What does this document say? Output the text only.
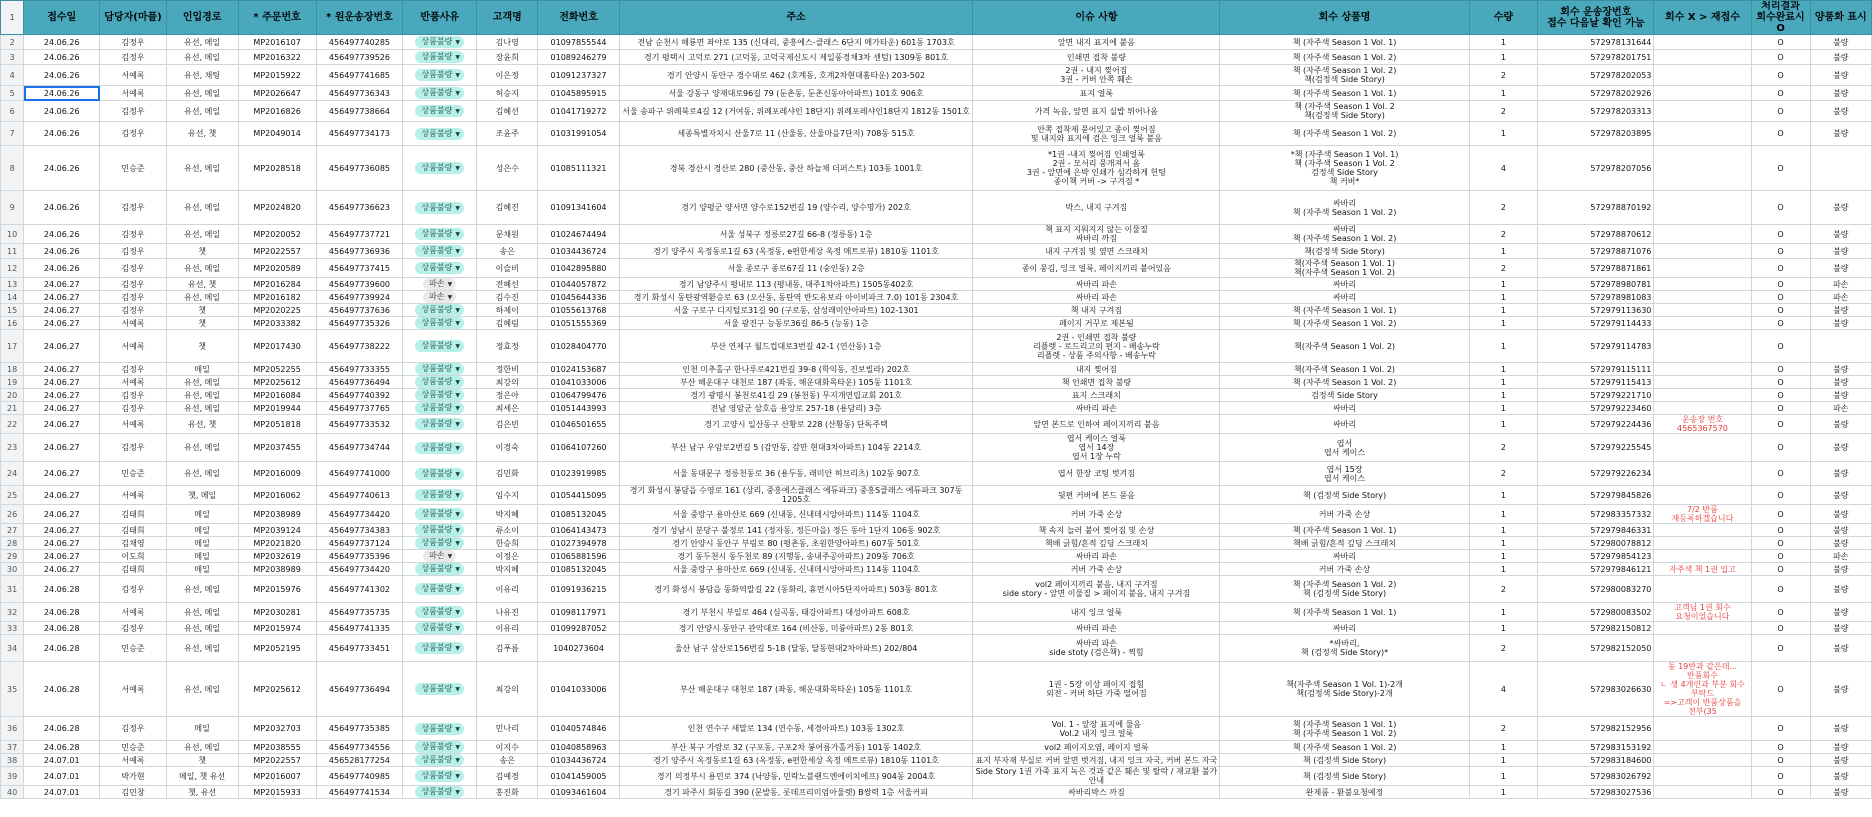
1	접수일	담당자(마플)	인입경로	* 주문번호	* 원운송장번호	반품사유	고객명	전화번호	주소	이슈 사항	회수 상품명	수량	회수 운송장번호
접수 다음날 확인 가능	회수 X > 재접수	처리결과
회수완료시 O	양품화 표시
2	24.06.26	김정우	유선, 메일	MP2016107	456497740285	상품불량 ▼	김나영	01097855544	전남 순천시 해룡면 좌야로 135 (신대리, 중흥에스-클래스 6단지 메가타운) 601동 1703호	앞면 내지 표지에 붙음	책 (자주색 Season 1 Vol. 1)	1	572978131644		O	불량
3	24.06.26	김정우	유선, 메일	MP2016322	456497739526	상품불량 ▼	장윤희	01089246279	경기 평택시 고덕로 271 (고덕동, 고덕국제신도시 제일풍경채3차 센텀) 1309동 801호	인쇄면 접착 불량	책 (자주색 Season 1 Vol. 2)	1	572978201751		O	불량
4	24.06.26	서예록	유선, 채팅	MP2015922	456497741685	상품불량 ▼	이은정	01091237327	경기 안양시 동안구 경수대로 462 (호계동, 호계2차현대홈타운) 203-502	2권 - 내지 찢어짐
3권 - 커버 안쪽 훼손	책 (자주색 Season 1 Vol. 2)
책(검정색 Side Story)	2	572978202053		O	불량
5	24.06.26	서예록	유선, 메일	MP2026647	456497736343	상품불량 ▼	허승지	01045895915	서울 강동구 양재대로96길 79 (둔촌동, 둔촌신동아아파트) 101호 906호	표지 얼룩	책 (자주색 Season 1 Vol. 1)	1	572978202926		O	불량
6	24.06.26	김정우	유선, 메일	MP2016826	456497738664	상품불량 ▼	김혜선	01041719272	서울 송파구 위례북로4길 12 (거여동, 위례포레샤인 18단지) 위례포레샤인18단지 1812동 1501호	가격 녹음, 앞면 표지 실밥 튀어나옴	책 (자주색 Season 1 Vol. 2
책(검정색 Side Story)	2	572978203313		O	불량
7	24.06.26	김정우	유선, 챗	MP2049014	456497734173	상품불량 ▼	조윤주	01031991054	세종특별자치시 산울7로 11 (산울동, 산울마을7단지) 708동 515호	안쪽 접착제 묻어있고 종이 찢어짐
및 내지와 표지에 검은 잉크 얼룩 붙음	책 (자주색 Season 1 Vol. 2)	1	572978203895		O	불량
8	24.06.26	민승준	유선, 메일	MP2028518	456497736085	상품불량 ▼	성은수	01085111321	경북 경산시 경산로 280 (중산동, 중산 하늘채 더퍼스트) 103동 1001호	*1권 -내지 찢어짐 인쇄얼룩
2권 - 모서리 뭉개져서 옴
3권 - 앞면에 은박 인쇄가 심각하게 헌팅
종이책 커버 -> 구겨짐 *	*책 (자주색 Season 1 Vol. 1)
책 (자주색 Season 1 Vol. 2
검정색 Side Story
책 커버*	4	572978207056		O	
9	24.06.26	김정우	유선, 메일	MP2024820	456497736623	상품불량 ▼	김혜진	01091341604	경기 양평군 양서면 양수로152번길 19 (양수리, 양수명가) 202호	박스, 내지 구겨짐	싸바리
책 (자주색 Season 1 Vol. 2)	2	572978870192		O	불량
10	24.06.26	김정우	유선, 메일	MP2020052	456497737721	상품불량 ▼	문채원	01024674494	서울 성북구 정릉로27길 66-8 (정릉동) 1층	책 표지 지워지지 않는 이물질
싸바리 까짐	싸바리
책 (자주색 Season 1 Vol. 2)	2	572978870612		O	불량
11	24.06.26	김정우	챗	MP2022557	456497736936	상품불량 ▼	송은	01034436724	경기 양주시 옥정동로1길 63 (옥정동, e편한세상 옥정 메트로뷰) 1810동 1101호	내지 구겨짐 및 옆면 스크래치	책(검정색 Side Story)	1	572978871076		O	불량
12	24.06.26	김정우	유선, 메일	MP2020589	456497737415	상품불량 ▼	이슬비	01042895880	서울 종로구 종로67길 11 (숭인동) 2층	종이 뭉김, 잉크 얼룩, 페이지끼리 붙어있음	책(자주색 Season 1 Vol. 1)
책(자주색 Season 1 Vol. 2)	2	572978871861		O	불량
13	24.06.27	김정우	유선, 챗	MP2016284	456497739600	파손 ▼	전혜선	01044057872	경기 남양주시 평내로 113 (평내동, 대주1차아파트) 1505동402호	싸바리 파손	싸바리	1	572978980781		O	파손
14	24.06.27	김정우	유선, 메일	MP2016182	456497739924	파손 ▼	김수진	01045644336	경기 화성시 동탄광역환승로 63 (오산동, 동탄역 반도유보라 아이비파크 7.0) 101동 2304호	싸바리 파손	싸바리	1	572978981083		O	파손
15	24.06.27	김정우	챗	MP2020225	456497737636	상품불량 ▼	하제이	01055613768	서울 구로구 디지털로31길 90 (구로동, 삼성래미안아파트) 102-1301	책 내지 구겨짐	책 (자주색 Season 1 Vol. 1)	1	572979113630		O	불량
16	24.06.27	서예록	챗	MP2033382	456497735326	상품불량 ▼	김혜림	01051555369	서울 광진구 능동로36길 86-5 (능동) 1층	페이지 거꾸로 제본됨	책 (자주색 Season 1 Vol. 2)	1	572979114433		O	불량
17	24.06.27	서예록	챗	MP2017430	456497738222	상품불량 ▼	정효정	01028404770	부산 연제구 월드컵대로3번길 42-1 (연산동) 1층	2권 - 인쇄면 접착 불량
리플렛 - 로드리고의 편지 - 배송누락
리플렛 - 상품 주의사항 - 배송누락	책(자주색 Season 1 Vol. 2)	1	572979114783		O	
18	24.06.27	김정우	메일	MP2052255	456497733355	상품불량 ▼	정한비	01024153687	인천 미추홀구 한나루로421번길 39-8 (학익동, 진보빌라) 202호	내지 찢어짐	책(자주색 Season 1 Vol. 2)	1	572979115111		O	불량
19	24.06.27	서예록	유선, 메일	MP2025612	456497736494	상품불량 ▼	최강의	01041033006	부산 해운대구 대천로 187 (좌동, 해운대화목타운) 105동 1101호	책 인쇄면 접착 불량	책 (자주색 Season 1 Vol. 2)	1	572979115413		O	불량
20	24.06.27	김정우	유선, 메일	MP2016084	456497740392	상품불량 ▼	정은아	01064799476	경기 광명시 봉천로41길 29 (봉천동) 무지개연립교회 201호	표지 스크래치	검정색 Side Story	1	572979221710		O	불량
21	24.06.27	김정우	유선, 메일	MP2019944	456497737765	상품불량 ▼	최세은	01051443993	전남 영암군 삼호읍 용앙로 257-18 (용담리) 3층	싸바리 파손	싸바리	1	572979223460		O	파손
22	24.06.27	서예록	유선, 챗	MP2051818	456497733532	상품불량 ▼	김은빈	01046501655	경기 고양시 일산동구 산황로 228 (산황동) 단독주택	앞면 본드로 인하여 페이지끼리 붙음	싸바리	1	572979224436	운송장 번호 4565367570	O	불량
23	24.06.27	김정우	유선, 메일	MP2037455	456497734744	상품불량 ▼	이경숙	01064107260	부산 남구 우암로2번길 5 (감만동, 감만 현대3차아파트) 104동 2214호	엽서 케이스 얼룩
엽서 14장
엽서 1장 누락	엽서
엽서 케이스	2	572979225545		O	불량
24	24.06.27	민승준	유선, 메일	MP2016009	456497741000	상품불량 ▼	김민화	01023919985	서울 동대문구 정릉천동로 36 (용두동, 래미안 허브리츠) 102동 907호	엽서 한장 코팅 벗겨짐	엽서 15장
엽서 케이스	2	572979226234		O	불량
25	24.06.27	서예록	챗, 메일	MP2016062	456497740613	상품불량 ▼	임수지	01054415095	경기 화성시 봉담읍 수영로 161 (상리, 중흥에스클래스 에듀파크) 중흥S클래스 에듀파크 307동 1205호	뒷편 커버에 본드 묻음	책 (검정색 Side Story)	1	572979845826		O	불량
26	24.06.27	김태희	메일	MP2038989	456497734420	상품불량 ▼	박지혜	01085132045	서울 중랑구 용마산로 669 (신내동, 신내데시앙아파트) 114동 1104호	커버 가죽 손상	커버 가죽 손상	1	572983357332	7/2 반품 재등록하겠습니다	O	불량
27	24.06.27	김태희	메일	MP2039124	456497734383	상품불량 ▼	류소이	01064143473	경기 성남시 분당구 불정로 141 (정자동, 정든마을) 정든 동아 1단지 106동 902호	책 속지 늘러 붙어 찢어짐 및 손상	책 (자주색 Season 1 Vol. 1)	1	572979846331		O	불량
28	24.06.27	김채영	메일	MP2021820	456497737124	상품불량 ▼	한승희	01027394978	경기 안양시 동안구 부림로 80 (평촌동, 초원한양아파트) 607동 501호	책배 긁힘/흔적 깊딩 스크래치	책배 긁힘/흔적 깊딩 스크래치	1	572980078812		O	불량
29	24.06.27	이도희	메일	MP2032619	456497735396	파손 ▼	이정은	01065881596	경기 동두천시 동두천로 89 (지행동, 송내주공아파트) 209동 706호	싸바리 파손	싸바리	1	572979854123		O	파손
30	24.06.27	김태희	메일	MP2038989	456497734420	상품불량 ▼	박지혜	01085132045	서울 중랑구 용마산로 669 (신내동, 신내데시앙아파트) 114동 1104호	커버 가죽 손상	커버 가죽 손상	1	572979846121	자주색 책 1권 입고	O	불량
31	24.06.28	김정우	유선, 메일	MP2015976	456497741302	상품불량 ▼	이유리	01091936215	경기 화성시 봉담읍 동화역말길 22 (동화리, 휴먼시아5단지아파트) 503동 801호	vol2 페이지끼리 붙음, 내지 구겨짐
side story - 앞면 이물질 > 페이지 붙음, 내지 구겨짐	책 (자주색 Season 1 Vol. 2)
책 (검정색 Side Story)	2	572980083270		O	불량
32	24.06.28	서예록	유선, 메일	MP2030281	456497735735	상품불량 ▼	나유진	01098117971	경기 부천시 부일로 464 (심곡동, 태강아파트) 대성아파트 608호	내지 잉크 얼룩	책 (자주색 Season 1 Vol. 1)	1	572980083502	고객님 1권 회수 요청이었습니다	O	불량
33	24.06.28	김정우	유선, 메일	MP2015974	456497741335	상품불량 ▼	이유리	01099287052	경기 안양시 동안구 관악대로 164 (비산동, 미륭아파트) 2동 801호	싸바리 파손	싸바리	1	572982150812		O	불량
34	24.06.28	민승준	유선, 메일	MP2052195	456497733451	상품불량 ▼	김푸름	1040273604	울산 남구 삼산로156번길 5-18 (달동, 달동현대2차아파트) 202/804	싸바리 파손
side stoty (검은책) - 찍힘	*싸바리,
책 (검정색 Side Story)*	2	572982152050		O	불량
35	24.06.28	서예록	유선, 메일	MP2025612	456497736494	상품불량 ▼	최강의	01041033006	부산 해운대구 대천로 187 (좌동, 해운대화목타운) 105동 1101호	1권 - 5장 이상 페이지 접힘
외전 - 커버 하단 가죽 떨어짐	책(자주색 Season 1 Vol. 1)-2개
책(검정색 Side Story)-2개	4	572983026630	동 19반과 같은데... 반품회수
ㄴ 생 4개인과 부분 회수 부탁드
=>고객이 반품상품을 전부(35	O	불량
36	24.06.28	김정우	메일	MP2032703	456497735385	상품불량 ▼	민나리	01040574846	인천 연수구 새말로 134 (연수동, 세경아파트) 103동 1302호	Vol. 1 - 앞장 표지에 물음
Vol.2 내지 잉크 얼룩	책 (자주색 Season 1 Vol. 1)
책 (자주색 Season 1 Vol. 2)	2	572982152956		O	불량
37	24.06.28	민승준	유선, 메일	MP2038555	456497734556	상품불량 ▼	이지수	01040858963	부산 북구 가람로 32 (구포동, 구포2차 봉어름가홀거동) 101동 1402호	vol2 페이지오염, 페이지 얼룩	책 (자주색 Season 1 Vol. 2)	1	572983153192		O	불량
38	24.07.01	서예록	챗	MP2022557	456528177254	상품불량 ▼	송은	01034436724	경기 양주시 옥정동로1길 63 (옥정동, e편한세상 옥정 메트로뷰) 1810동 1101호	표지 부자재 부실로 커버 앞면 벗겨짐, 내지 잉크 자국, 커버 본드 자국	책 (검정색 Side Story)	1	572983184600		O	불량
39	24.07.01	박가현	메일, 챗 유선	MP2016007	456497740985	상품불량 ▼	김예경	01041459005	경기 의정부시 용민로 374 (낙양동, 민락노블랜드엔에이치에프) 904동 2004호	Side Story 1권 가죽 표지 녹은 것과 같은 훼손 및 탈락 / 재교환 불가 안내	책 (검정색 Side Story)	1	572983026792		O	불량
40	24.07.01	김민창	챗, 유선	MP2015933	456497741534	상품불량 ▼	홍진화	01093461604	경기 파주시 회동길 390 (문발동, 롯데프리미엄아울렛) B쌍력 1층 서울커피	싸바리박스 까짐	완제품 - 환불요청예정	1	572983027536		O	불량
